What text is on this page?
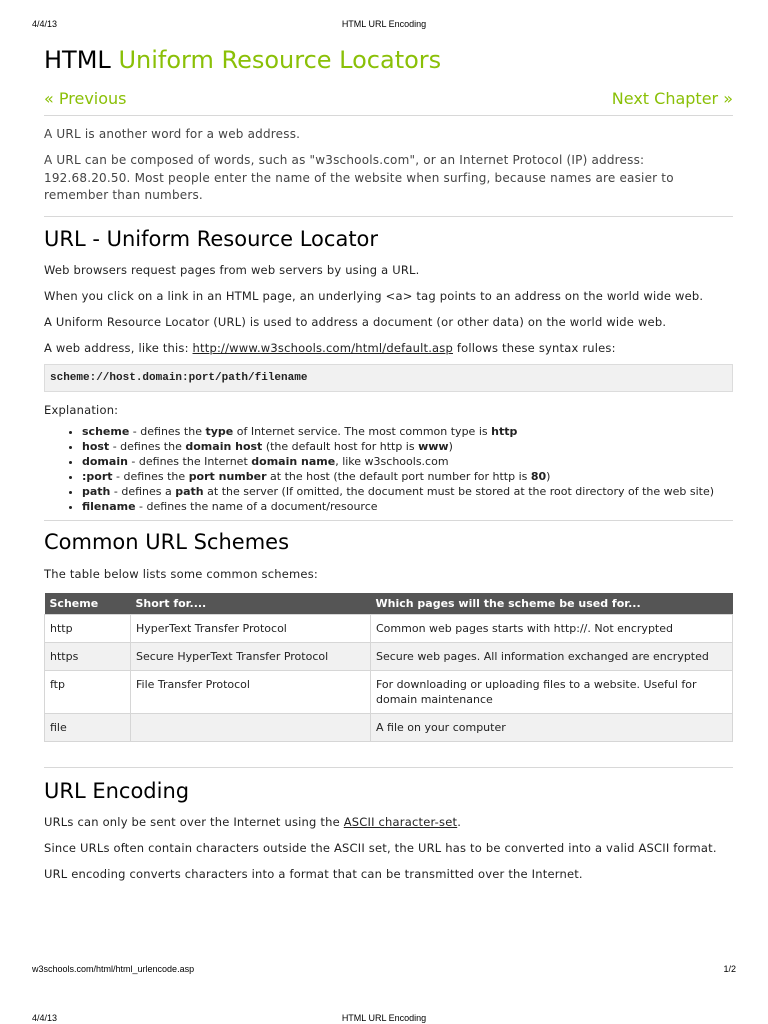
4/4/13	HTML URL Encoding
HTML Uniform Resource Locators
« Previous	Next Chapter »

A URL is another word for a web address.

A URL can be composed of words, such as "w3schools.com", or an Internet Protocol (IP) address: 192.68.20.50. Most people enter the name of the website when surfing, because names are easier to remember than numbers.

URL - Uniform Resource Locator

Web browsers request pages from web servers by using a URL.

When you click on a link in an HTML page, an underlying <a> tag points to an address on the world wide web.

A Uniform Resource Locator (URL) is used to address a document (or other data) on the world wide web.

A web address, like this: http://www.w3schools.com/html/default.asp follows these syntax rules:

scheme://host.domain:port/path/filename

Explanation:

• scheme - defines the type of Internet service. The most common type is http
• host - defines the domain host (the default host for http is www)
• domain - defines the Internet domain name, like w3schools.com
• :port - defines the port number at the host (the default port number for http is 80)
• path - defines a path at the server (If omitted, the document must be stored at the root directory of the web site)
• filename - defines the name of a document/resource
Common URL Schemes

The table below lists some common schemes:

Scheme	Short for....	Which pages will the scheme be used for...
http	HyperText Transfer Protocol	Common web pages starts with http://. Not encrypted
https	Secure HyperText Transfer Protocol	Secure web pages. All information exchanged are encrypted
ftp	File Transfer Protocol	For downloading or uploading files to a website. Useful for domain maintenance
file		A file on your computer
URL Encoding

URLs can only be sent over the Internet using the ASCII character-set.

Since URLs often contain characters outside the ASCII set, the URL has to be converted into a valid ASCII format.

URL encoding converts characters into a format that can be transmitted over the Internet.

w3schools.com/html/html_urlencode.asp	1/2
4/4/13	HTML URL Encoding
